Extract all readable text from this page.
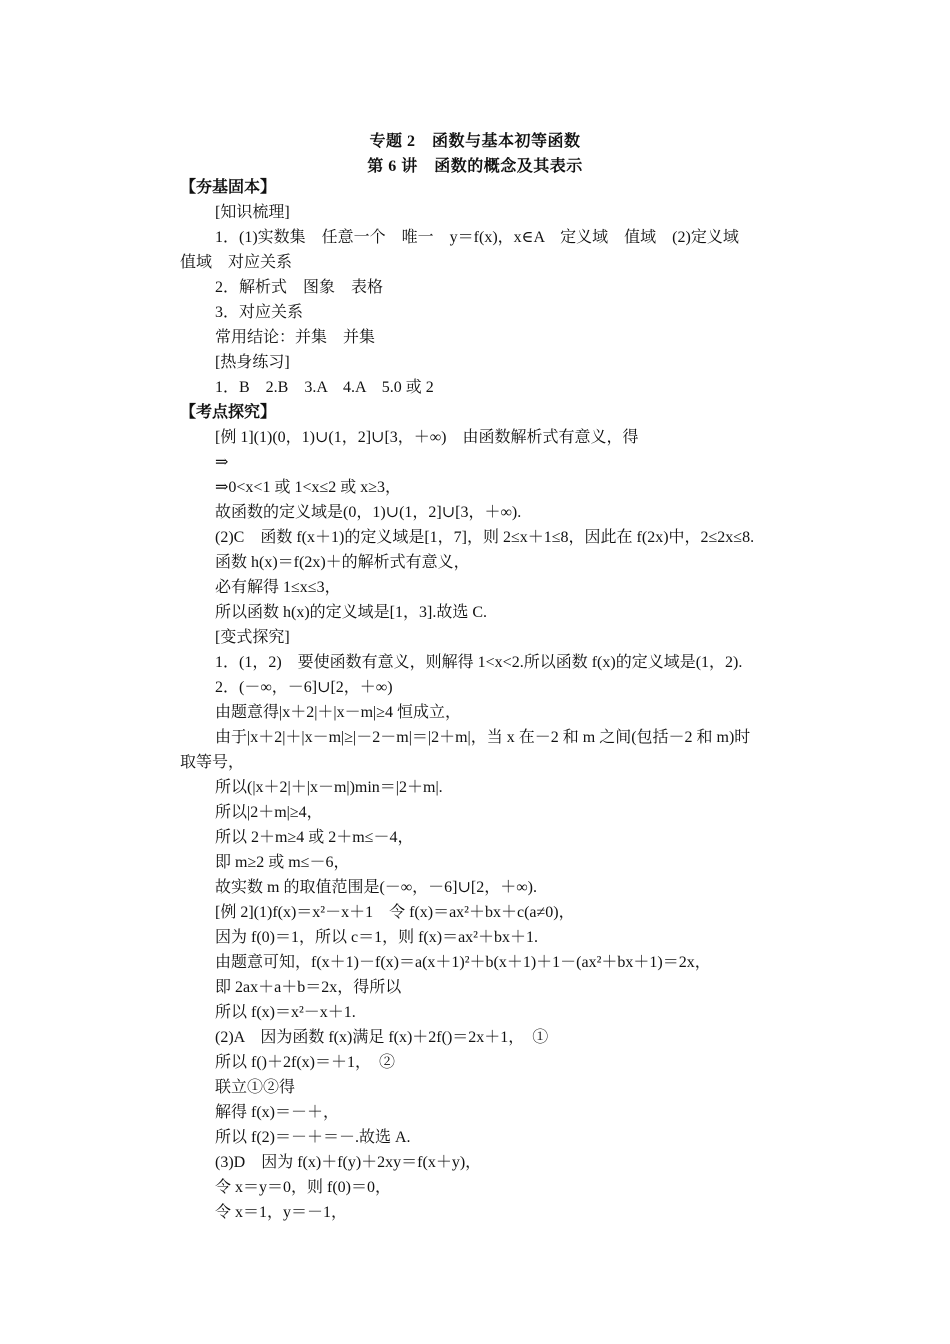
专题 2　函数与基本初等函数
第 6 讲　函数的概念及其表示
【夯基固本】
[知识梳理]
1．(1)实数集　任意一个　唯一　y＝f(x)，x∈A　定义域　值域　(2)定义域
值域　对应关系
2．解析式　图象　表格
3．对应关系
常用结论：并集　并集
[热身练习]
1．B　2.B　3.A　4.A　5.0 或 2
【考点探究】
[例 1](1)(0，1)∪(1，2]∪[3，＋∞)　由函数解析式有意义，得
⇒
⇒0<x<1 或 1<x≤2 或 x≥3，
故函数的定义域是(0，1)∪(1，2]∪[3，＋∞).
(2)C　函数 f(x＋1)的定义域是[1，7]，则 2≤x＋1≤8，因此在 f(2x)中，2≤2x≤8.
函数 h(x)＝f(2x)＋的解析式有意义，
必有解得 1≤x≤3，
所以函数 h(x)的定义域是[1，3].故选 C.
[变式探究]
1．(1，2)　要使函数有意义，则解得 1<x<2.所以函数 f(x)的定义域是(1，2).
2．(－∞，－6]∪[2，＋∞)
由题意得|x＋2|＋|x－m|≥4 恒成立，
由于|x＋2|＋|x－m|≥|－2－m|＝|2＋m|，当 x 在－2 和 m 之间(包括－2 和 m)时
取等号，
所以(|x＋2|＋|x－m|)min＝|2＋m|.
所以|2＋m|≥4，
所以 2＋m≥4 或 2＋m≤－4，
即 m≥2 或 m≤－6，
故实数 m 的取值范围是(－∞，－6]∪[2，＋∞).
[例 2](1)f(x)＝x²－x＋1　令 f(x)＝ax²＋bx＋c(a≠0)，
因为 f(0)＝1，所以 c＝1，则 f(x)＝ax²＋bx＋1.
由题意可知，f(x＋1)－f(x)＝a(x＋1)²＋b(x＋1)＋1－(ax²＋bx＋1)＝2x，
即 2ax＋a＋b＝2x，得所以
所以 f(x)＝x²－x＋1.
(2)A　因为函数 f(x)满足 f(x)＋2f()＝2x＋1，　①
所以 f()＋2f(x)＝＋1，　②
联立①②得
解得 f(x)＝－＋，
所以 f(2)＝－＋＝－.故选 A.
(3)D　因为 f(x)＋f(y)＋2xy＝f(x＋y)，
令 x＝y＝0，则 f(0)＝0，
令 x＝1，y＝－1，
